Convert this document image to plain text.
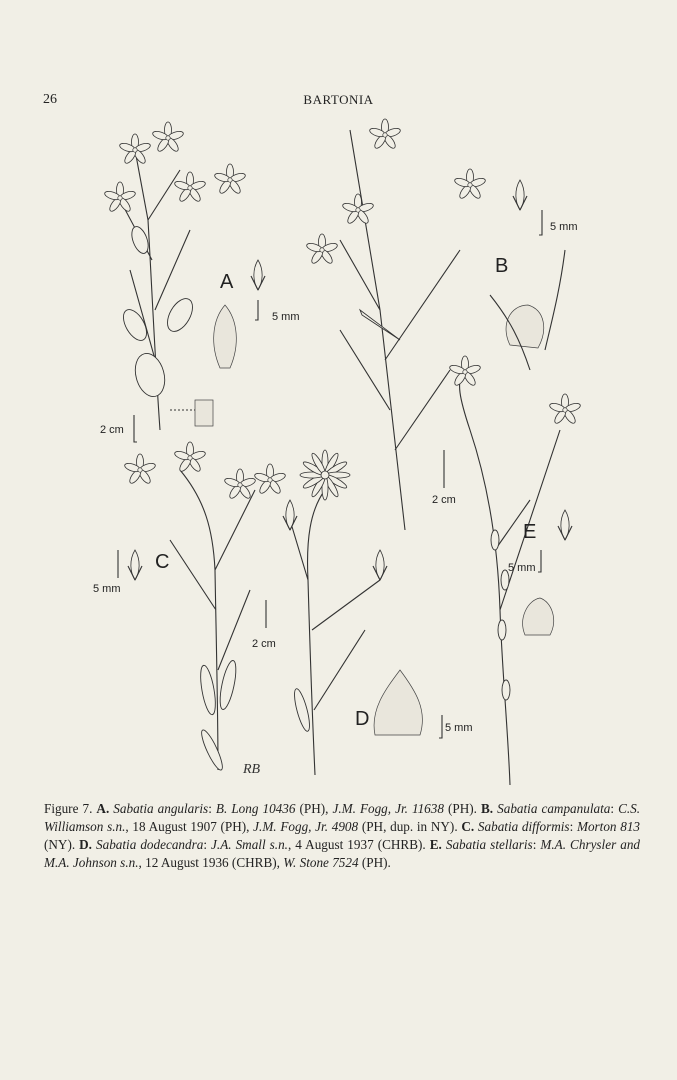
26	BARTONIA
A
B
C
D
E
5 mm
2 cm
5 mm
2 cm
5 mm
2 cm
5 mm
5 mm
RB
Figure 7. A. Sabatia angularis: B. Long 10436 (PH), J.M. Fogg, Jr. 11638 (PH). B. Sabatia campanulata: C.S. Williamson s.n., 18 August 1907 (PH), J.M. Fogg, Jr. 4908 (PH, dup. in NY). C. Sabatia difformis: Morton 813 (NY). D. Sabatia dodecandra: J.A. Small s.n., 4 August 1937 (CHRB). E. Sabatia stellaris: M.A. Chrysler and M.A. Johnson s.n., 12 August 1936 (CHRB), W. Stone 7524 (PH).
